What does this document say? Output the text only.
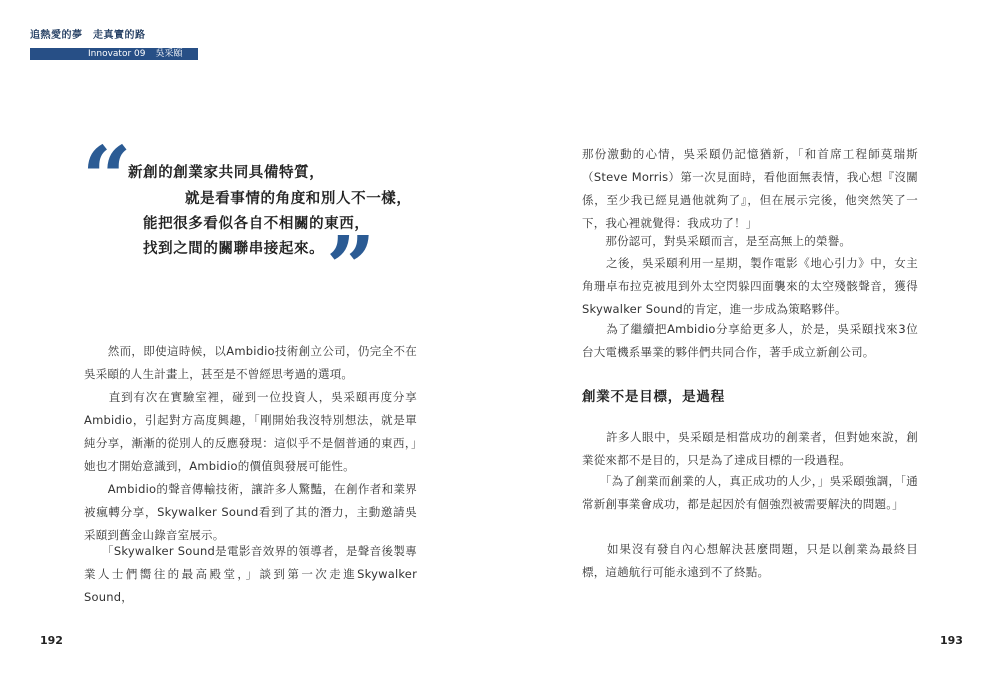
追熱愛的夢　走真實的路
Innovator 09 吳采頤
“
新創的創業家共同具備特質，
就是看事情的角度和別人不一樣，
能把很多看似各自不相關的東西，
找到之間的關聯串接起來。 ”
　　然而，即使這時候，以Ambidio技術創立公司，仍完全不在吳采頤的人生計畫上，甚至是不曾經思考過的選項。
　　直到有次在實驗室裡，碰到一位投資人，吳采頤再度分享Ambidio，引起對方高度興趣，「剛開始我沒特別想法，就是單純分享，漸漸的從別人的反應發現：這似乎不是個普通的東西，」她也才開始意識到，Ambidio的價值與發展可能性。
　　Ambidio的聲音傳輸技術，讓許多人驚豔，在創作者和業界被瘋轉分享，Skywalker Sound看到了其的潛力，主動邀請吳采頤到舊金山錄音室展示。
　　「Skywalker Sound是電影音效界的領導者，是聲音後製專業人士們嚮往的最高殿堂，」談到第一次走進Skywalker Sound，
那份激動的心情，吳采頤仍記憶猶新，「和首席工程師莫瑞斯（Steve Morris）第一次見面時，看他面無表情，我心想『沒關係，至少我已經見過他就夠了』，但在展示完後，他突然笑了一下，我心裡就覺得：我成功了！」
　　那份認可，對吳采頤而言，是至高無上的榮譽。
　　之後，吳采頤利用一星期，製作電影《地心引力》中，女主角珊卓布拉克被甩到外太空閃躲四面襲來的太空殘骸聲音，獲得Skywalker Sound的肯定，進一步成為策略夥伴。
　　為了繼續把Ambidio分享給更多人，於是，吳采頤找來3位台大電機系畢業的夥伴們共同合作，著手成立新創公司。
創業不是目標，是過程
　　許多人眼中，吳采頤是相當成功的創業者，但對她來說，創業從來都不是目的，只是為了達成目標的一段過程。
　　「為了創業而創業的人，真正成功的人少，」吳采頤強調，「通常新創事業會成功，都是起因於有個強烈被需要解決的問題。」
　　如果沒有發自內心想解決甚麼問題，只是以創業為最終目標，這趟航行可能永遠到不了終點。
192	193
